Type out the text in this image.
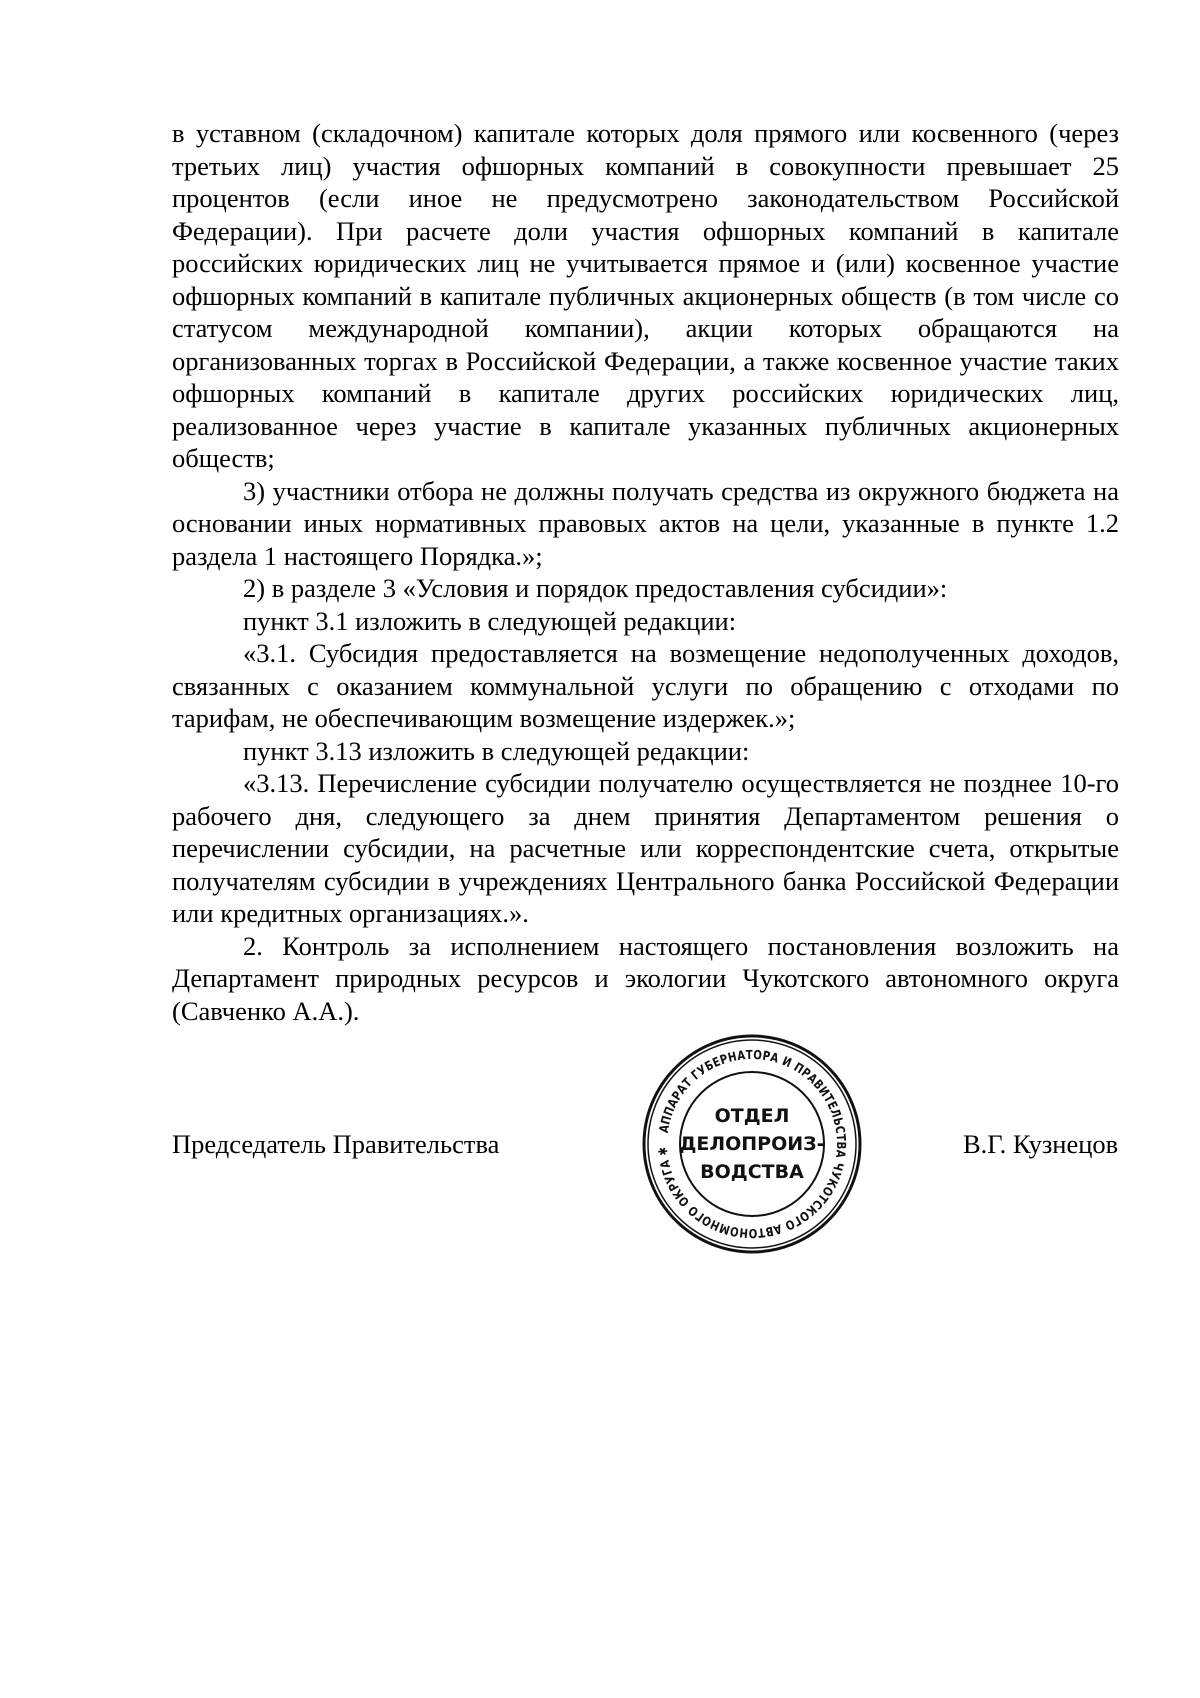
в уставном (складочном) капитале которых доля прямого или косвенного (через третьих лиц) участия офшорных компаний в совокупности превышает 25 процентов (если иное не предусмотрено законодательством Российской Федерации). При расчете доли участия офшорных компаний в капитале российских юридических лиц не учитывается прямое и (или) косвенное участие офшорных компаний в капитале публичных акционерных обществ (в том числе со статусом международной компании), акции которых обращаются на организованных торгах в Российской Федерации, а также косвенное участие таких офшорных компаний в капитале других российских юридических лиц, реализованное через участие в капитале указанных публичных акционерных обществ;

3) участники отбора не должны получать средства из окружного бюджета на основании иных нормативных правовых актов на цели, указанные в пункте 1.2 раздела 1 настоящего Порядка.»;

2) в разделе 3 «Условия и порядок предоставления субсидии»:

пункт 3.1 изложить в следующей редакции:

«3.1. Субсидия предоставляется на возмещение недополученных доходов, связанных с оказанием коммунальной услуги по обращению с отходами по тарифам, не обеспечивающим возмещение издержек.»;

пункт 3.13 изложить в следующей редакции:

«3.13. Перечисление субсидии получателю осуществляется не позднее 10-го рабочего дня, следующего за днем принятия Департаментом решения о перечислении субсидии, на расчетные или корреспондентские счета, открытые получателям субсидии в учреждениях Центрального банка Российской Федерации или кредитных организациях.».

2. Контроль за исполнением настоящего постановления возложить на Департамент природных ресурсов и экологии Чукотского автономного округа (Савченко А.А.).

Председатель Правительства	В.Г. Кузнецов
АППАРАТ ГУБЕРНАТОРА И ПРАВИТЕЛЬСТВА ЧУКОТСКОГО АВТОНОМНОГО ОКРУГА ✱
ОТДЕЛ
ДЕЛОПРОИЗ-
ВОДСТВА
